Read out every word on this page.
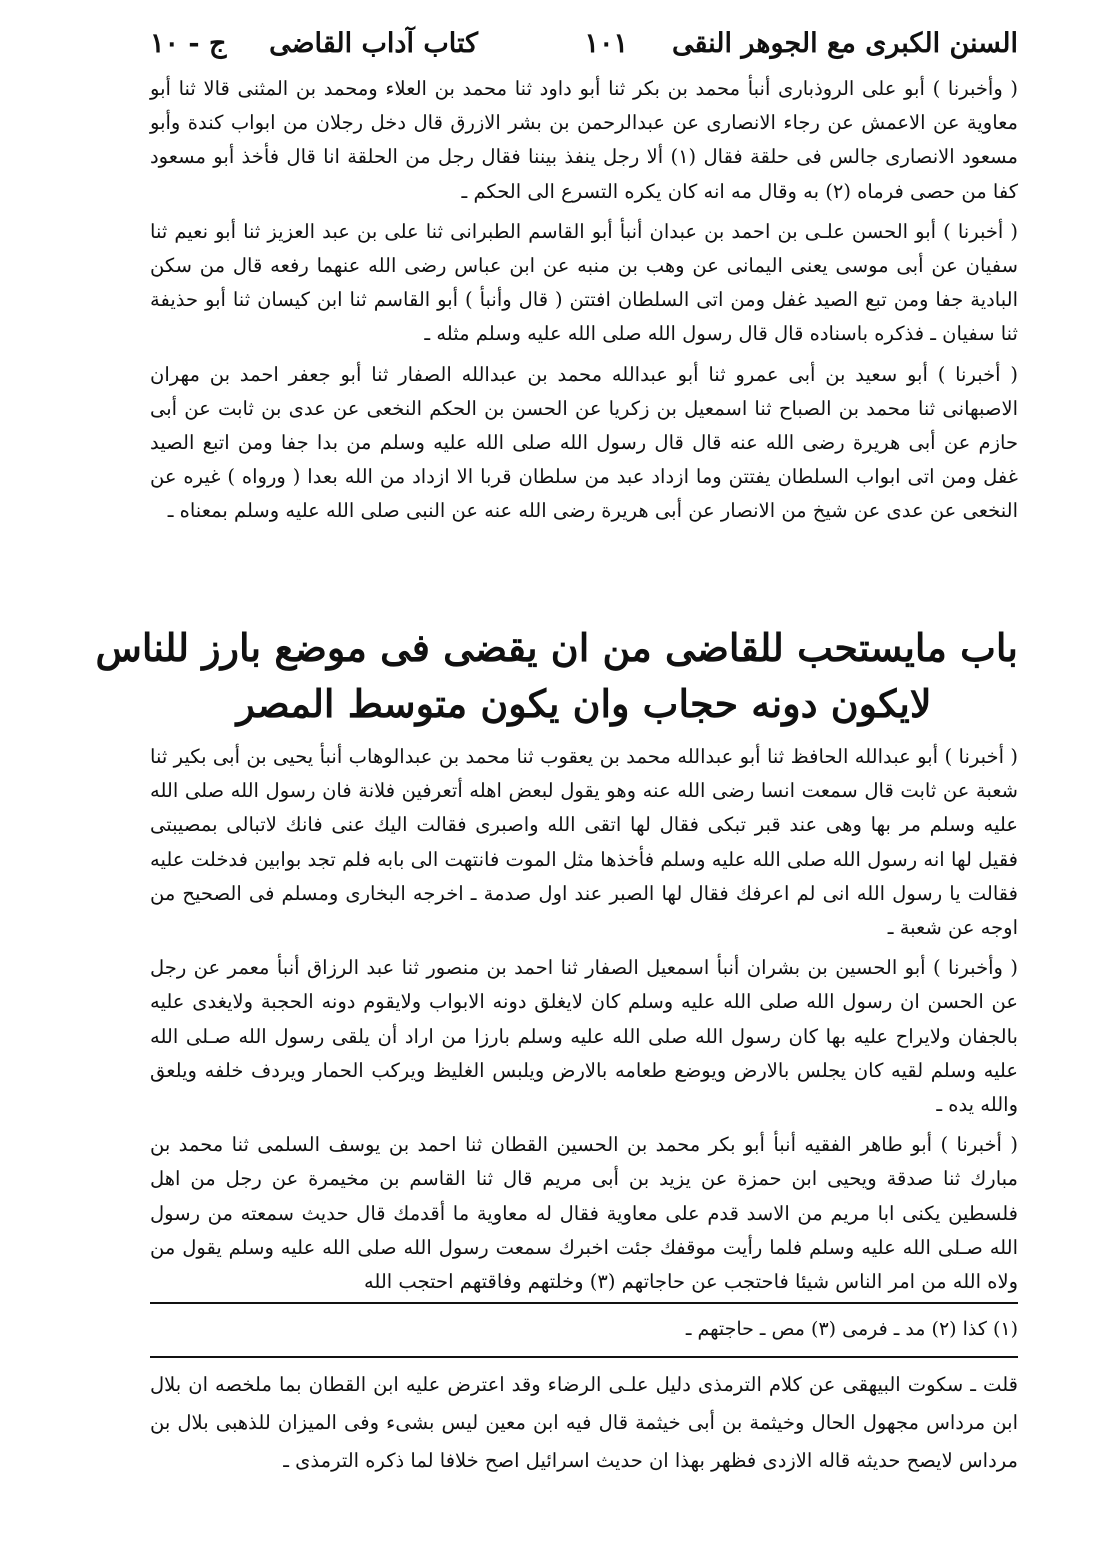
السنن الكبرى مع الجوهر النقى
١٠١
كتاب آداب القاضى
ج - ١٠

( وأخبرنا ) أبو على الروذبارى أنبأ محمد بن بكر ثنا أبو داود ثنا محمد بن العلاء ومحمد بن المثنى قالا ثنا أبو معاوية عن الاعمش عن رجاء الانصارى عن عبدالرحمن بن بشر الازرق قال دخل رجلان من ابواب كندة وأبو مسعود الانصارى جالس فى حلقة فقال (١) ألا رجل ينفذ بيننا فقال رجل من الحلقة انا قال فأخذ أبو مسعود كفا من حصى فرماه (٢) به وقال مه انه كان يكره التسرع الى الحكم ـ

( أخبرنا ) أبو الحسن علـى بن احمد بن عبدان أنبأ أبو القاسم الطبرانى ثنا على بن عبد العزيز ثنا أبو نعيم ثنا سفيان عن أبى موسى يعنى اليمانى عن وهب بن منبه عن ابن عباس رضى الله عنهما رفعه قال من سكن البادية جفا ومن تبع الصيد غفل ومن اتى السلطان افتتن ( قال وأنبأ ) أبو القاسم ثنا ابن كيسان ثنا أبو حذيفة ثنا سفيان ـ فذكره باسناده قال قال رسول الله صلى الله عليه وسلم مثله ـ

( أخبرنا ) أبو سعيد بن أبى عمرو ثنا أبو عبدالله محمد بن عبدالله الصفار ثنا أبو جعفر احمد بن مهران الاصبهانى ثنا محمد بن الصباح ثنا اسمعيل بن زكريا عن الحسن بن الحكم النخعى عن عدى بن ثابت عن أبى حازم عن أبى هريرة رضى الله عنه قال قال رسول الله صلى الله عليه وسلم من بدا جفا ومن اتبع الصيد غفل ومن اتى ابواب السلطان يفتتن وما ازداد عبد من سلطان قربا الا ازداد من الله بعدا ( ورواه ) غيره عن النخعى عن عدى عن شيخ من الانصار عن أبى هريرة رضى الله عنه عن النبى صلى الله عليه وسلم بمعناه ـ

باب مايستحب للقاضى من ان يقضى فى موضع بارز للناس
لايكون دونه حجاب وان يكون متوسط المصر

( أخبرنا ) أبو عبدالله الحافظ ثنا أبو عبدالله محمد بن يعقوب ثنا محمد بن عبدالوهاب أنبأ يحيى بن أبى بكير ثنا شعبة عن ثابت قال سمعت انسا رضى الله عنه وهو يقول لبعض اهله أتعرفين فلانة فان رسول الله صلى الله عليه وسلم مر بها وهى عند قبر تبكى فقال لها اتقى الله واصبرى فقالت اليك عنى فانك لاتبالى بمصيبتى فقيل لها انه رسول الله صلى الله عليه وسلم فأخذها مثل الموت فانتهت الى بابه فلم تجد بوابين فدخلت عليه فقالت يا رسول الله انى لم اعرفك فقال لها الصبر عند اول صدمة ـ اخرجه البخارى ومسلم فى الصحيح من اوجه عن شعبة ـ

( وأخبرنا ) أبو الحسين بن بشران أنبأ اسمعيل الصفار ثنا احمد بن منصور ثنا عبد الرزاق أنبأ معمر عن رجل عن الحسن ان رسول الله صلى الله عليه وسلم كان لايغلق دونه الابواب ولايقوم دونه الحجبة ولايغدى عليه بالجفان ولايراح عليه بها كان رسول الله صلى الله عليه وسلم بارزا من اراد أن يلقى رسول الله صـلى الله عليه وسلم لقيه كان يجلس بالارض ويوضع طعامه بالارض ويلبس الغليظ ويركب الحمار ويردف خلفه ويلعق والله يده ـ

( أخبرنا ) أبو طاهر الفقيه أنبأ أبو بكر محمد بن الحسين القطان ثنا احمد بن يوسف السلمى ثنا محمد بن مبارك ثنا صدقة ويحيى ابن حمزة عن يزيد بن أبى مريم قال ثنا القاسم بن مخيمرة عن رجل من اهل فلسطين يكنى ابا مريم من الاسد قدم على معاوية فقال له معاوية ما أقدمك قال حديث سمعته من رسول الله صـلى الله عليه وسلم فلما رأيت موقفك جئت اخبرك سمعت رسول الله صلى الله عليه وسلم يقول من ولاه الله من امر الناس شيئا فاحتجب عن حاجاتهم (٣) وخلتهم وفاقتهم احتجب الله

(١) كذا (٢) مد ـ فرمى (٣) مص ـ حاجتهم ـ

قلت ـ سكوت البيهقى عن كلام الترمذى دليل علـى الرضاء وقد اعترض عليه ابن القطان بما ملخصه ان بلال ابن مرداس مجهول الحال وخيثمة بن أبى خيثمة قال فيه ابن معين ليس بشىء وفى الميزان للذهبى بلال بن مرداس لايصح حديثه قاله الازدى فظهر بهذا ان حديث اسرائيل اصح خلافا لما ذكره الترمذى ـ
